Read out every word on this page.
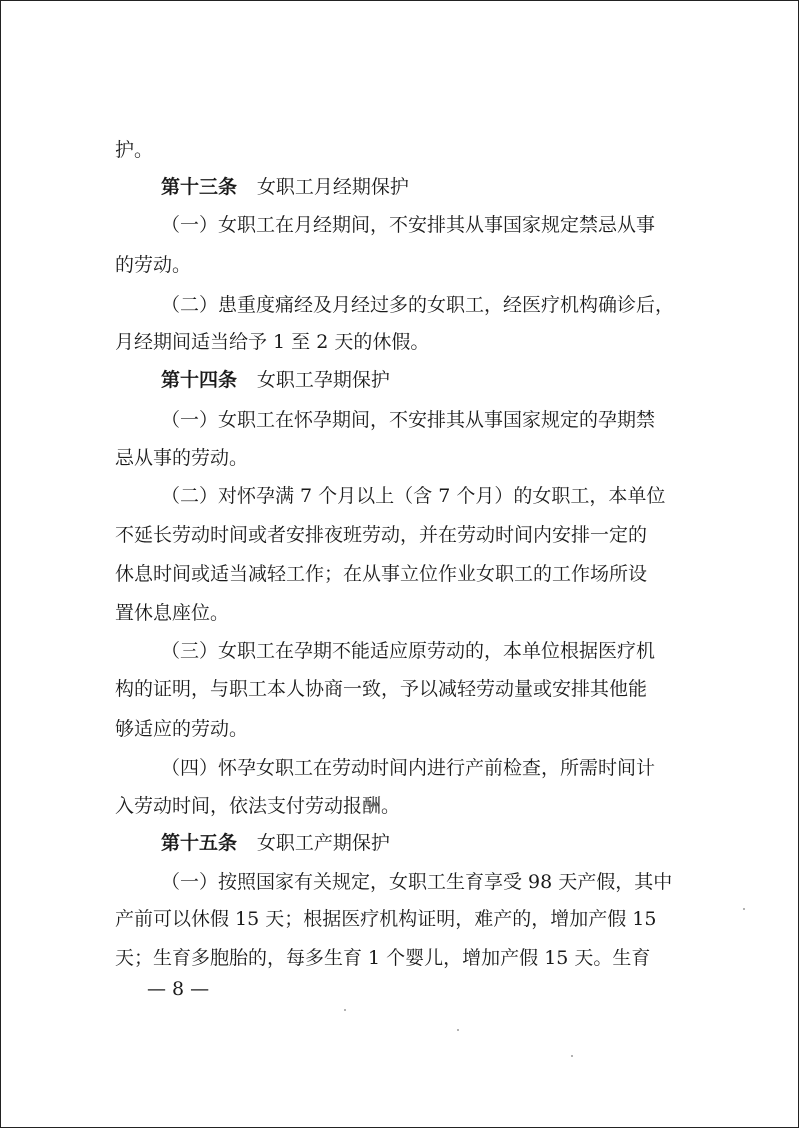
护。
第十三条 女职工月经期保护
（一）女职工在月经期间，不安排其从事国家规定禁忌从事
的劳动。
（二）患重度痛经及月经过多的女职工，经医疗机构确诊后，
月经期间适当给予 1 至 2 天的休假。
第十四条 女职工孕期保护
（一）女职工在怀孕期间，不安排其从事国家规定的孕期禁
忌从事的劳动。
（二）对怀孕满 7 个月以上（含 7 个月）的女职工，本单位
不延长劳动时间或者安排夜班劳动，并在劳动时间内安排一定的
休息时间或适当减轻工作；在从事立位作业女职工的工作场所设
置休息座位。
（三）女职工在孕期不能适应原劳动的，本单位根据医疗机
构的证明，与职工本人协商一致，予以减轻劳动量或安排其他能
够适应的劳动。
（四）怀孕女职工在劳动时间内进行产前检查，所需时间计
入劳动时间，依法支付劳动报酬。
第十五条 女职工产期保护
（一）按照国家有关规定，女职工生育享受 98 天产假，其中
产前可以休假 15 天；根据医疗机构证明，难产的，增加产假 15
天；生育多胞胎的，每多生育 1 个婴儿，增加产假 15 天。生育
— 8 —
